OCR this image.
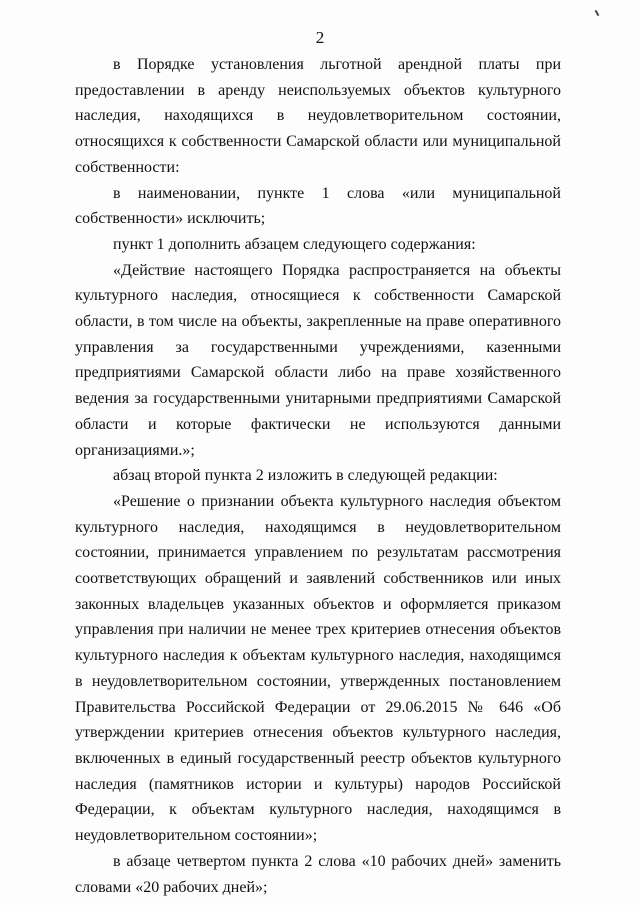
2

в Порядке установления льготной арендной платы при предоставлении в аренду неиспользуемых объектов культурного наследия, находящихся в неудовлетворительном состоянии, относящихся к собственности Самарской области или муниципальной собственности:

в наименовании, пункте 1 слова «или муниципальной собственности» исключить;

пункт 1 дополнить абзацем следующего содержания:

«Действие настоящего Порядка распространяется на объекты культурного наследия, относящиеся к собственности Самарской области, в том числе на объекты, закрепленные на праве оперативного управления за государственными учреждениями, казенными предприятиями Самарской области либо на праве хозяйственного ведения за государственными унитарными предприятиями Самарской области и которые фактически не используются данными организациями.»;

абзац второй пункта 2 изложить в следующей редакции:

«Решение о признании объекта культурного наследия объектом культурного наследия, находящимся в неудовлетворительном состоянии, принимается управлением по результатам рассмотрения соответствующих обращений и заявлений собственников или иных законных владельцев указанных объектов и оформляется приказом управления при наличии не менее трех критериев отнесения объектов культурного наследия к объектам культурного наследия, находящимся в неудовлетворительном состоянии, утвержденных постановлением Правительства Российской Федерации от 29.06.2015 № 646 «Об утверждении критериев отнесения объектов культурного наследия, включенных в единый государственный реестр объектов культурного наследия (памятников истории и культуры) народов Российской Федерации, к объектам культурного наследия, находящимся в неудовлетворительном состоянии»;

в абзаце четвертом пункта 2 слова «10 рабочих дней» заменить словами «20 рабочих дней»;
